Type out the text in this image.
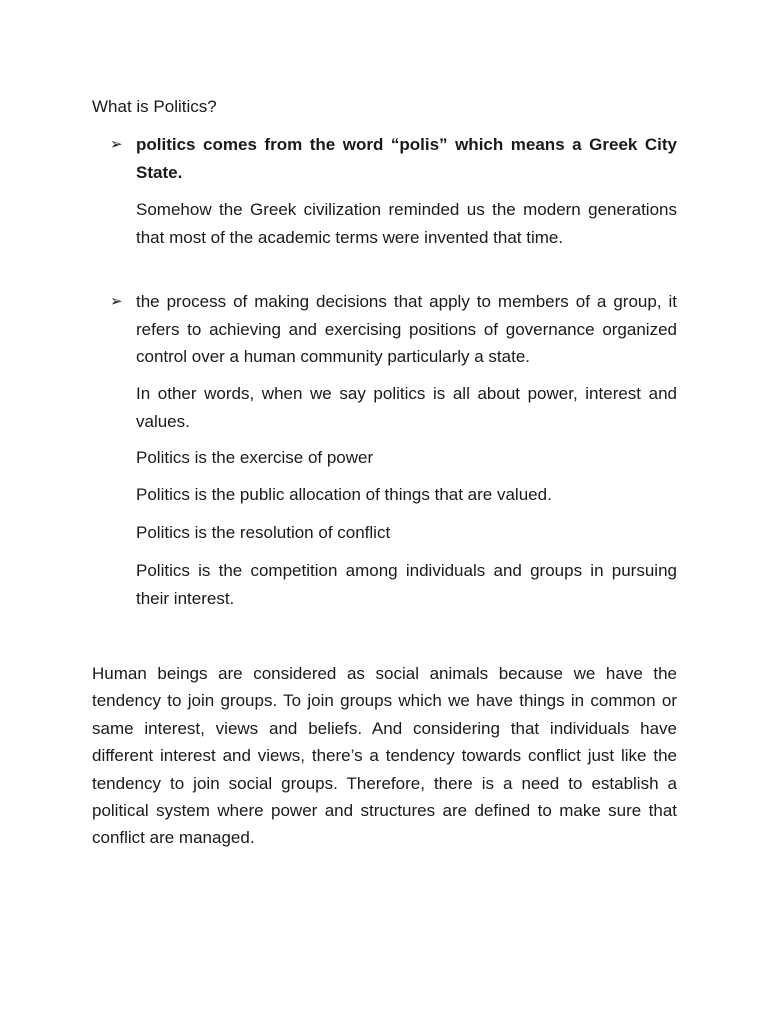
What is Politics?
➢ politics comes from the word “polis” which means a Greek City State.

Somehow the Greek civilization reminded us the modern generations that most of the academic terms were invented that time.

➢ the process of making decisions that apply to members of a group, it refers to achieving and exercising positions of governance organized control over a human community particularly a state.

In other words, when we say politics is all about power, interest and values.

Politics is the exercise of power

Politics is the public allocation of things that are valued.

Politics is the resolution of conflict

Politics is the competition among individuals and groups in pursuing their interest.

Human beings are considered as social animals because we have the tendency to join groups. To join groups which we have things in common or same interest, views and beliefs. And considering that individuals have different interest and views, there’s a tendency towards conflict just like the tendency to join social groups. Therefore, there is a need to establish a political system where power and structures are defined to make sure that conflict are managed.
